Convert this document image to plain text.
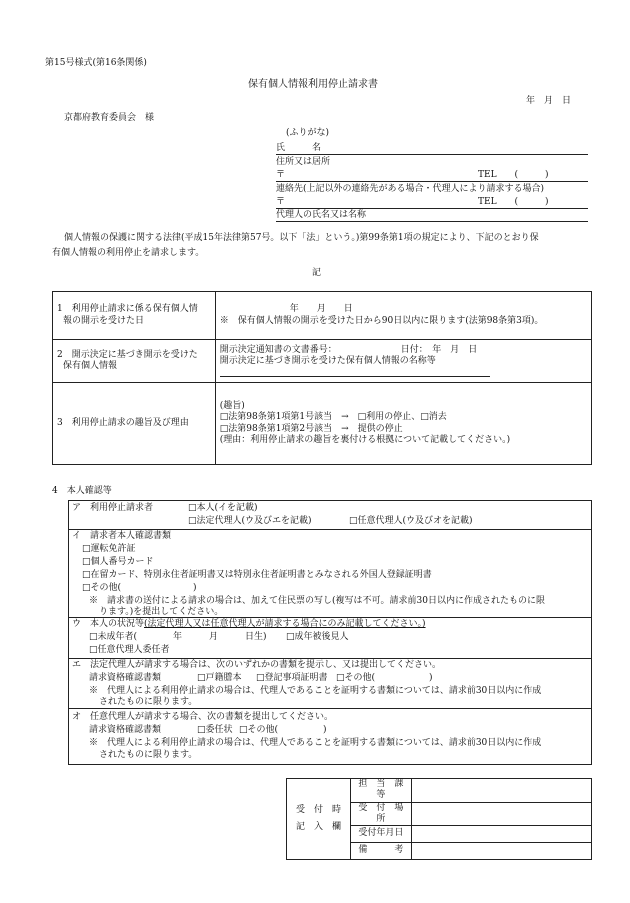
第15号様式(第16条関係)
保有個人情報利用停止請求書
年　月　日
京都府教育委員会　様
(ふりがな)
氏　　　名
住所又は居所
〒	TEL　　(　　　)
連絡先(上記以外の連絡先がある場合・代理人により請求する場合)
〒	TEL　　(　　　)
代理人の氏名又は名称
個人情報の保護に関する法律(平成15年法律第57号。以下「法」という。)第99条第1項の規定により、下記のとおり保
有個人情報の利用停止を請求します。
記
1　利用停止請求に係る保有個人情
報の開示を受けた日	年　　月　　日
※　保有個人情報の開示を受けた日から90日以内に限ります(法第98条第3項)。

2　開示決定に基づき開示を受けた
保有個人情報	開示決定通知書の文書番号： 日付：　年　月　日
開示決定に基づき開示を受けた保有個人情報の名称等

3　利用停止請求の趣旨及び理由	(趣旨)
□法第98条第1項第1号該当　→　□利用の停止、□消去
□法第98条第1項第2号該当　→　提供の停止
(理由：利用停止請求の趣旨を裏付ける根拠について記載してください。)
4　本人確認等
ア　利用停止請求者	□本人(イを記載)
□法定代理人(ウ及びエを記載)	□任意代理人(ウ及びオを記載)
イ　請求者本人確認書類
□運転免許証
□個人番号カード
□在留カード、特別永住者証明書又は特別永住者証明書とみなされる外国人登録証明書
□その他(　　　　　　　　)
※　請求書の送付による請求の場合は、加えて住民票の写し(複写は不可。請求前30日以内に作成されたものに限
ります。)を提出してください。
ウ　本人の状況等(法定代理人又は任意代理人が請求する場合にのみ記載してください。)
□未成年者(　　　　年　　　月　　　日生) □成年被後見人
□任意代理人委任者
エ　法定代理人が請求する場合は、次のいずれかの書類を提示し、又は提出してください。
請求資格確認書類	□戸籍謄本 □登記事項証明書 □その他(　　　　　　)
※　代理人による利用停止請求の場合は、代理人であることを証明する書類については、請求前30日以内に作成
されたものに限ります。
オ　任意代理人が請求する場合、次の書類を提出してください。
請求資格確認書類	□委任状 □その他(　　　　　)
※　代理人による利用停止請求の場合は、代理人であることを証明する書類については、請求前30日以内に作成
されたものに限ります。
受　付　時
記　入　欄	担　当　課　等	
	受　付　場　所	
	受付年月日	
	備　　　考	
